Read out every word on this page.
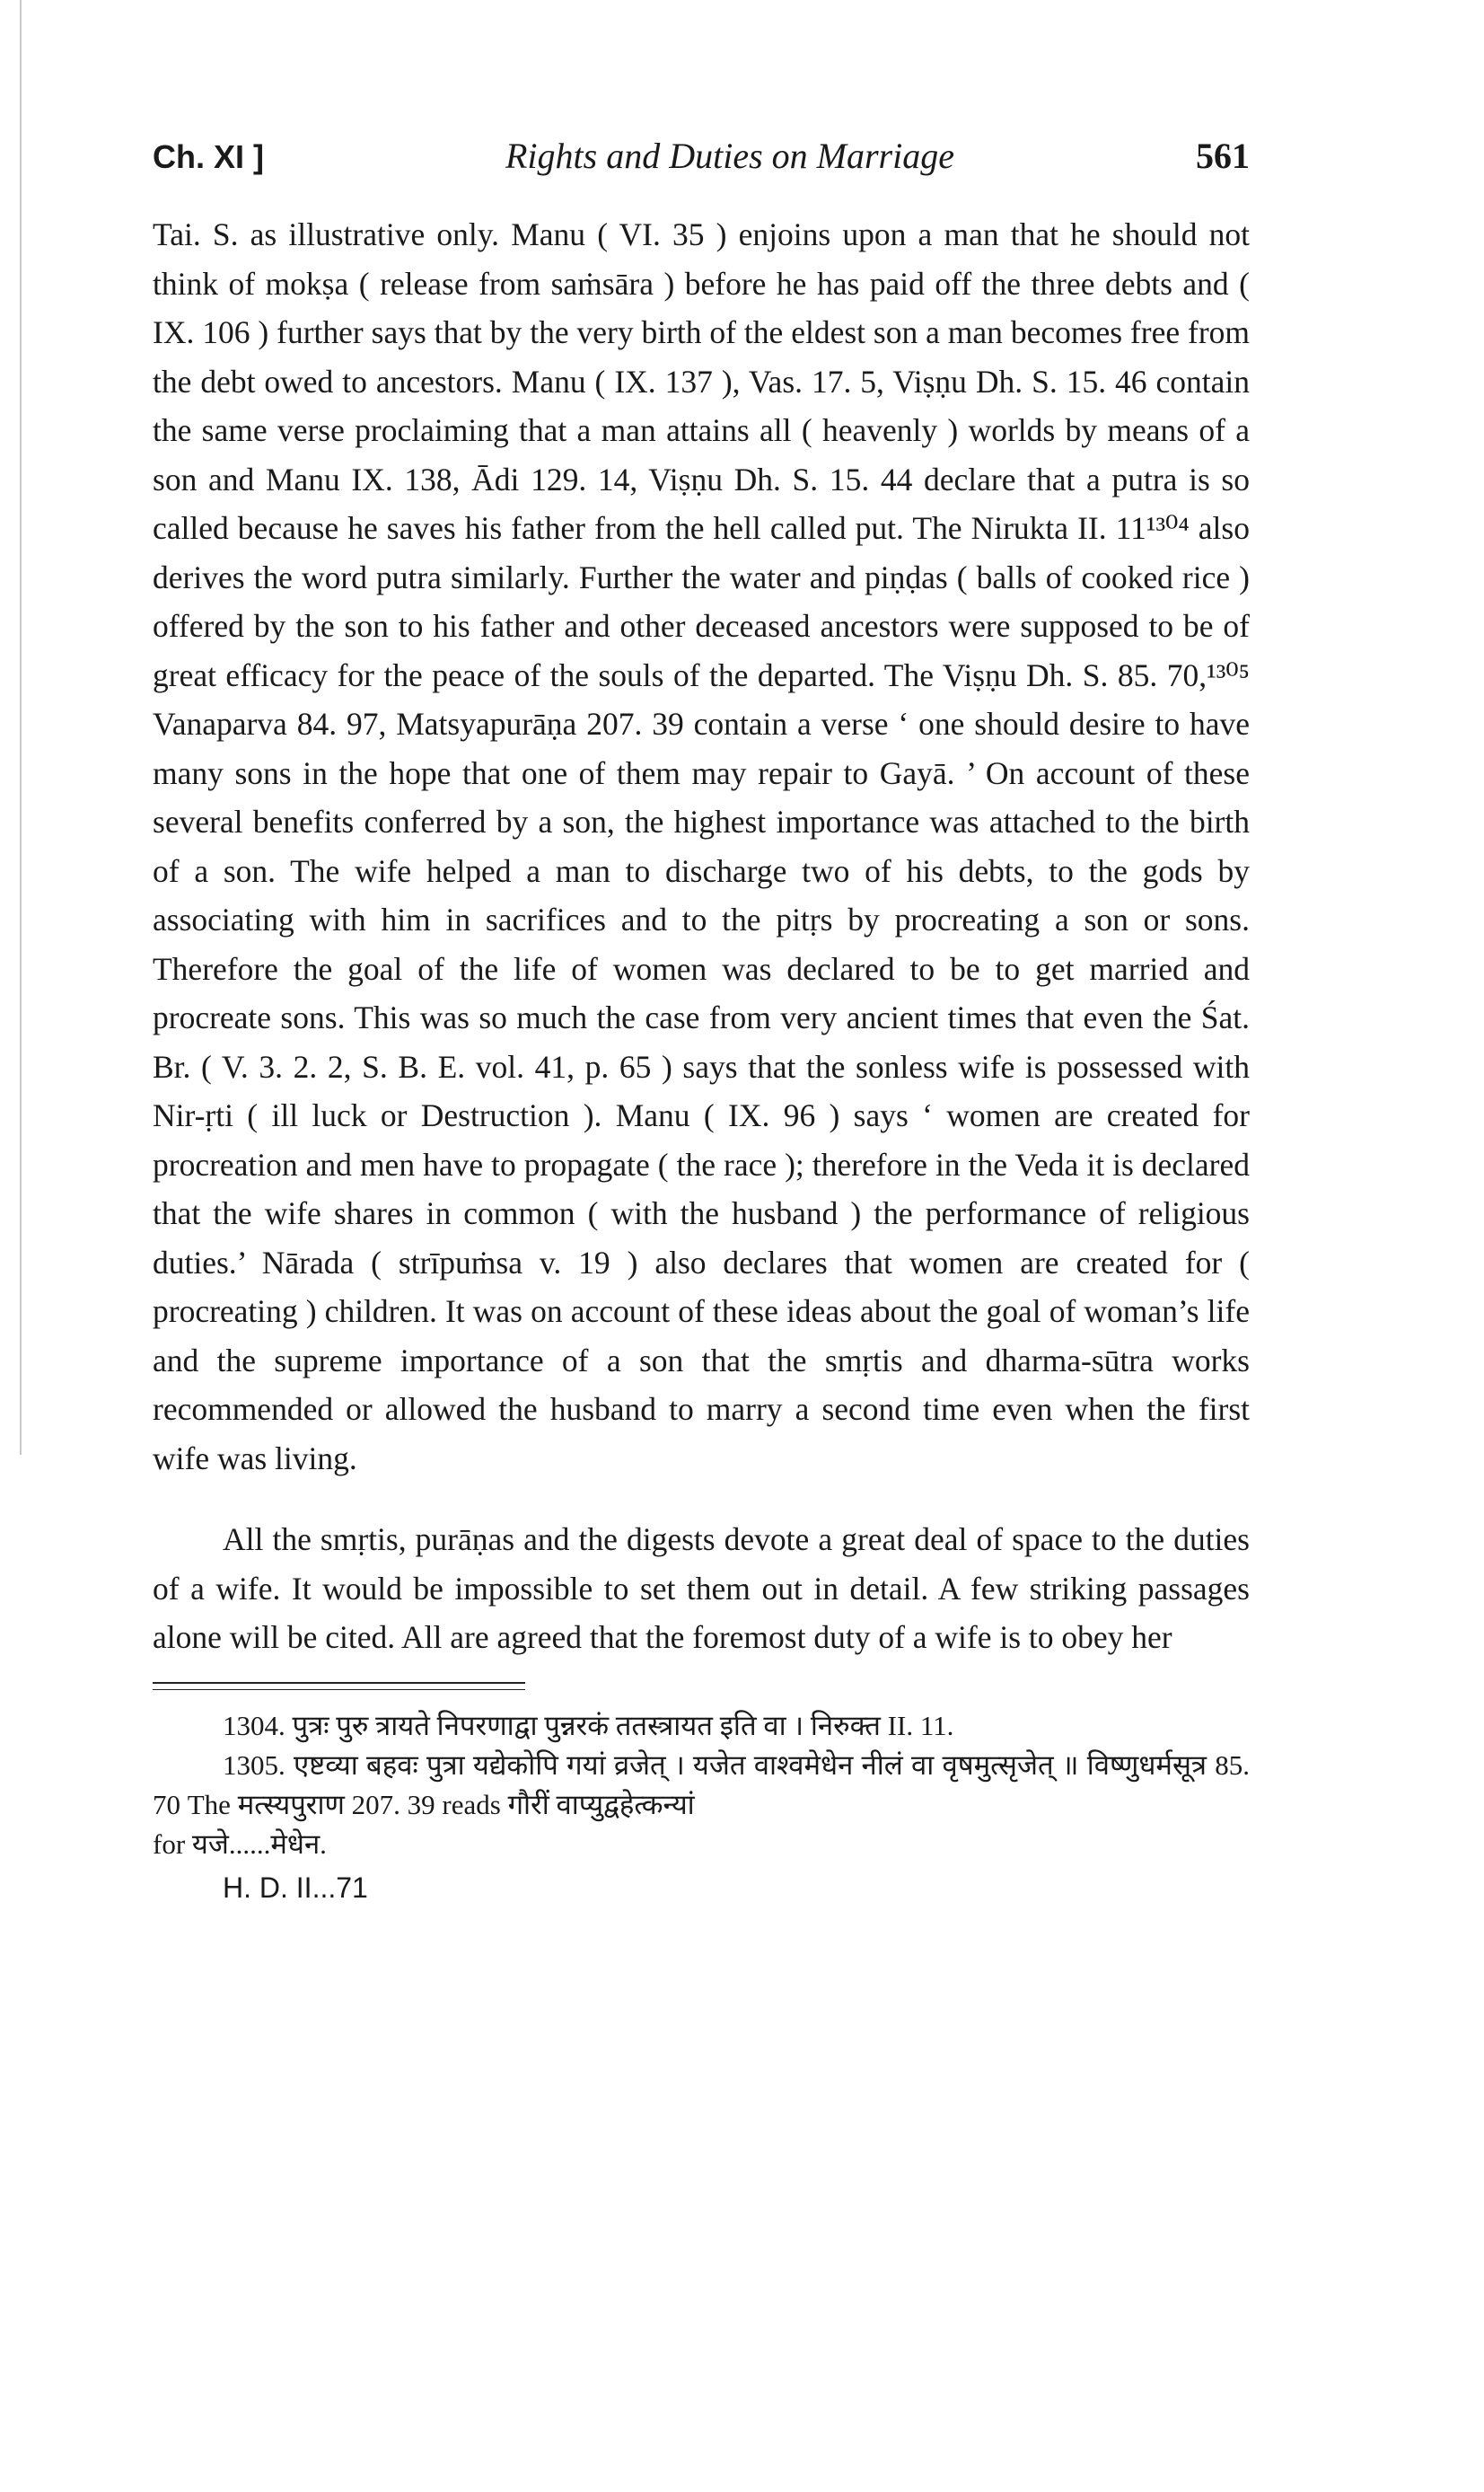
Ch. XI ]	Rights and Duties on Marriage	561

Tai. S. as illustrative only. Manu ( VI. 35 ) enjoins upon a man that he should not think of mokṣa ( release from saṁsāra ) before he has paid off the three debts and ( IX. 106 ) further says that by the very birth of the eldest son a man becomes free from the debt owed to ancestors. Manu ( IX. 137 ), Vas. 17. 5, Viṣṇu Dh. S. 15. 46 contain the same verse proclaiming that a man attains all ( heavenly ) worlds by means of a son and Manu IX. 138, Ādi 129. 14, Viṣṇu Dh. S. 15. 44 declare that a putra is so called because he saves his father from the hell called put. The Nirukta II. 11¹³⁰⁴ also derives the word putra similarly. Further the water and piṇḍas ( balls of cooked rice ) offered by the son to his father and other deceased ancestors were supposed to be of great efficacy for the peace of the souls of the departed. The Viṣṇu Dh. S. 85. 70,¹³⁰⁵ Vanaparva 84. 97, Matsyapurāṇa 207. 39 contain a verse ‘ one should desire to have many sons in the hope that one of them may repair to Gayā. ’ On account of these several benefits conferred by a son, the highest importance was attached to the birth of a son. The wife helped a man to discharge two of his debts, to the gods by associating with him in sacrifices and to the pitṛs by procreating a son or sons. Therefore the goal of the life of women was declared to be to get married and procreate sons. This was so much the case from very ancient times that even the Śat. Br. ( V. 3. 2. 2, S. B. E. vol. 41, p. 65 ) says that the sonless wife is possessed with Nir-ṛti ( ill luck or Destruction ). Manu ( IX. 96 ) says ‘ women are created for procreation and men have to propagate ( the race ); therefore in the Veda it is declared that the wife shares in common ( with the husband ) the performance of religious duties.’ Nārada ( strīpuṁsa v. 19 ) also declares that women are created for ( procreating ) children. It was on account of these ideas about the goal of woman’s life and the supreme importance of a son that the smṛtis and dharma-sūtra works recommended or allowed the husband to marry a second time even when the first wife was living.

All the smṛtis, purāṇas and the digests devote a great deal of space to the duties of a wife. It would be impossible to set them out in detail. A few striking passages alone will be cited. All are agreed that the foremost duty of a wife is to obey her

1304. पुत्रः पुरु त्रायते निपरणाद्वा पुन्नरकं ततस्त्रायत इति वा । निरुक्त II. 11.

1305. एष्टव्या बहवः पुत्रा यद्येकोपि गयां व्रजेत् । यजेत वाश्वमेधेन नीलं वा वृषमुत्सृजेत् ॥ विष्णुधर्मसूत्र 85. 70 The मत्स्यपुराण 207. 39 reads गौरीं वाप्युद्वहेत्कन्यां

for यजे......मेधेन.

H. D. II...71
